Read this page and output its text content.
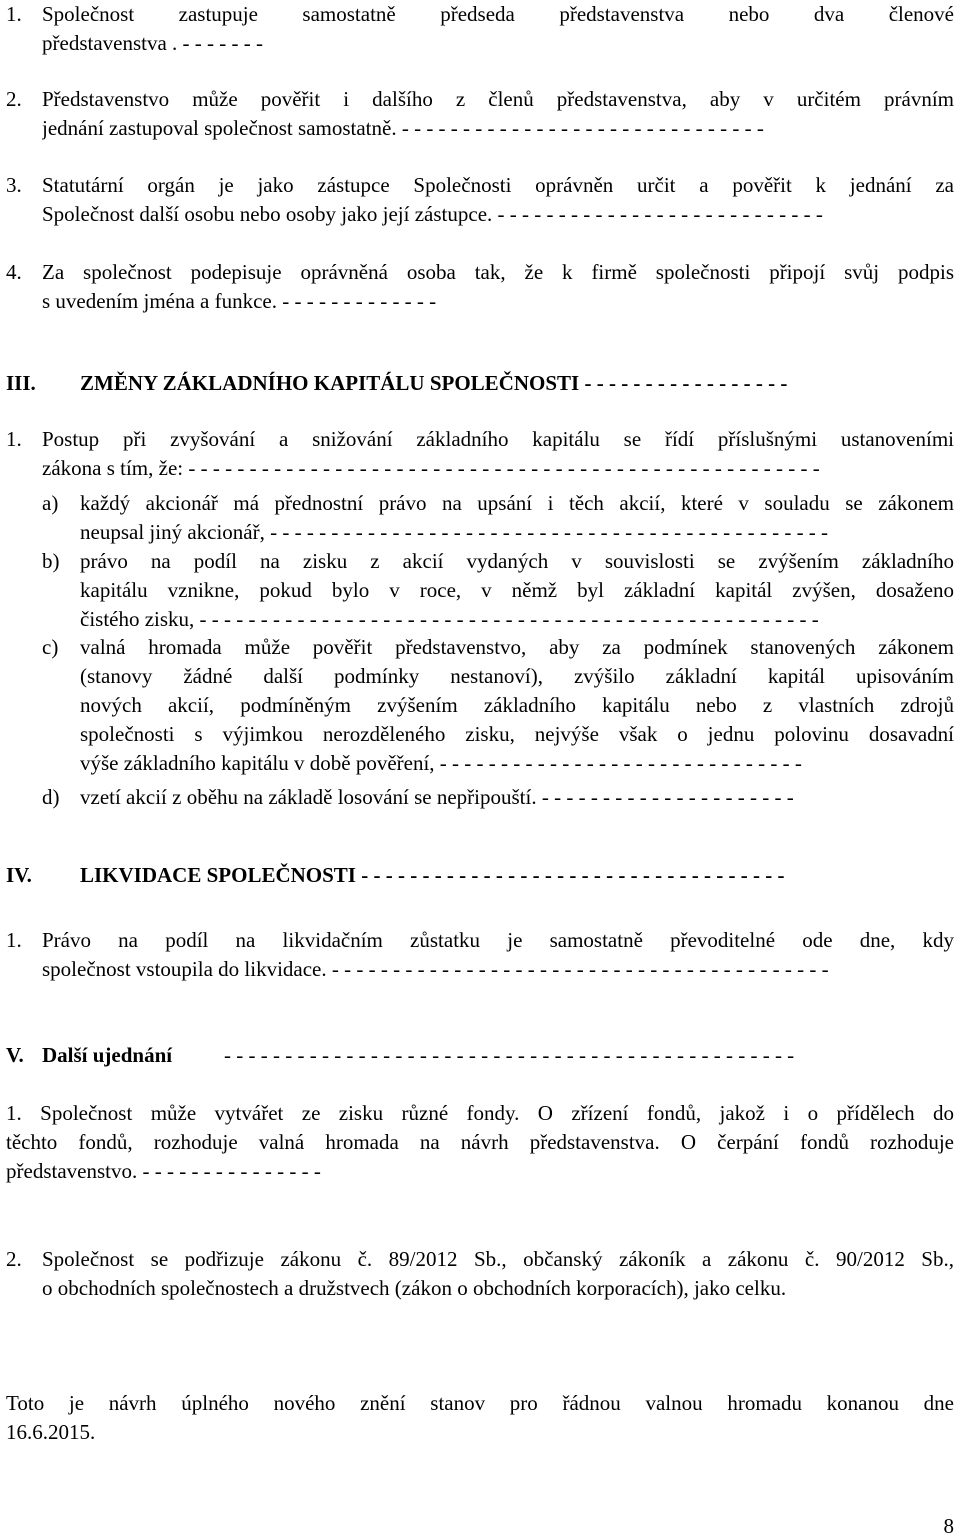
1. Společnost zastupuje samostatně předseda představenstva nebo dva členové
představenstva . - - - - - - -
2. Představenstvo může pověřit i dalšího z členů představenstva, aby v určitém právním
jednání zastupoval společnost samostatně. - - - - - - - - - - - - - - - - - - - - - - - - - - - - - -
3. Statutární orgán je jako zástupce Společnosti oprávněn určit a pověřit k jednání za
Společnost další osobu nebo osoby jako její zástupce. - - - - - - - - - - - - - - - - - - - - - - - - - - -
4. Za společnost podepisuje oprávněná osoba tak, že k firmě společnosti připojí svůj podpis
s uvedením jména a funkce. - - - - - - - - - - - - -
III. ZMĚNY ZÁKLADNÍHO KAPITÁLU SPOLEČNOSTI - - - - - - - - - - - - - - - - -
1. Postup při zvyšování a snižování základního kapitálu se řídí příslušnými ustanoveními
zákona s tím, že: - - - - - - - - - - - - - - - - - - - - - - - - - - - - - - - - - - - - - - - - - - - - - - - - - - - -
a) každý akcionář má přednostní právo na upsání i těch akcií, které v souladu se zákonem
neupsal jiný akcionář, - - - - - - - - - - - - - - - - - - - - - - - - - - - - - - - - - - - - - - - - - - - - - -
b) právo na podíl na zisku z akcií vydaných v souvislosti se zvýšením základního
kapitálu vznikne, pokud bylo v roce, v němž byl základní kapitál zvýšen, dosaženo
čistého zisku, - - - - - - - - - - - - - - - - - - - - - - - - - - - - - - - - - - - - - - - - - - - - - - - - - - -
c) valná hromada může pověřit představenstvo, aby za podmínek stanovených zákonem
(stanovy žádné další podmínky nestanoví), zvýšilo základní kapitál upisováním
nových akcií, podmíněným zvýšením základního kapitálu nebo z vlastních zdrojů
společnosti s výjimkou nerozděleného zisku, nejvýše však o jednu polovinu dosavadní
výše základního kapitálu v době pověření, - - - - - - - - - - - - - - - - - - - - - - - - - - - - - -
d) vzetí akcií z oběhu na základě losování se nepřipouští. - - - - - - - - - - - - - - - - - - - - -
IV. LIKVIDACE SPOLEČNOSTI - - - - - - - - - - - - - - - - - - - - - - - - - - - - - - - - - - -
1. Právo na podíl na likvidačním zůstatku je samostatně převoditelné ode dne, kdy
společnost vstoupila do likvidace. - - - - - - - - - - - - - - - - - - - - - - - - - - - - - - - - - - - - - - - - -
V. Další ujednání - - - - - - - - - - - - - - - - - - - - - - - - - - - - - - - - - - - - - - - - - - - - - - -
1. Společnost může vytvářet ze zisku různé fondy. O zřízení fondů, jakož i o přídělech do
těchto fondů, rozhoduje valná hromada na návrh představenstva. O čerpání fondů rozhoduje
představenstvo. - - - - - - - - - - - - - - -
2. Společnost se podřizuje zákonu č. 89/2012 Sb., občanský zákoník a zákonu č. 90/2012 Sb.,
o obchodních společnostech a družstvech (zákon o obchodních korporacích), jako celku.
Toto je návrh úplného nového znění stanov pro řádnou valnou hromadu konanou dne
16.6.2015.
8
